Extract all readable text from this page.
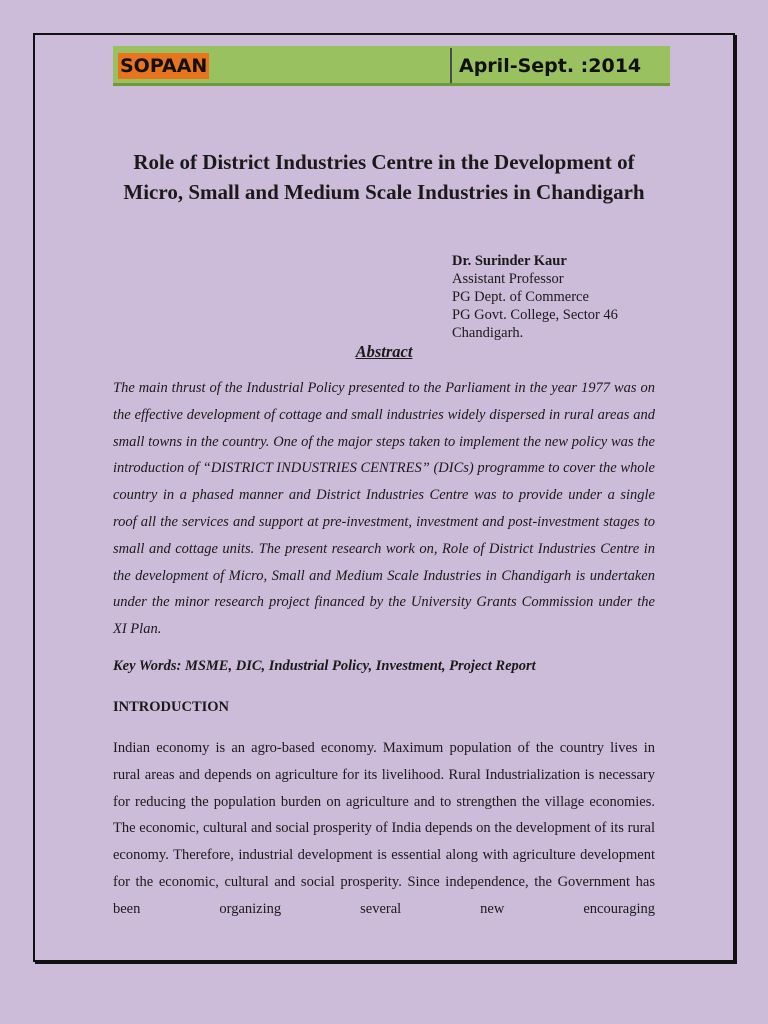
SOPAAN	April-Sept. :2014
Role of District Industries Centre in the Development of Micro, Small and Medium Scale Industries in Chandigarh
Dr. Surinder Kaur
Assistant Professor
PG Dept. of Commerce
PG Govt. College, Sector 46
Chandigarh.
Abstract

The main thrust of the Industrial Policy presented to the Parliament in the year 1977 was on the effective development of cottage and small industries widely dispersed in rural areas and small towns in the country. One of the major steps taken to implement the new policy was the introduction of “DISTRICT INDUSTRIES CENTRES” (DICs) programme to cover the whole country in a phased manner and District Industries Centre was to provide under a single roof all the services and support at pre-investment, investment and post-investment stages to small and cottage units. The present research work on, Role of District Industries Centre in the development of Micro, Small and Medium Scale Industries in Chandigarh is undertaken under the minor research project financed by the University Grants Commission under the XI Plan.

Key Words: MSME, DIC, Industrial Policy, Investment, Project Report

INTRODUCTION

Indian economy is an agro-based economy. Maximum population of the country lives in rural areas and depends on agriculture for its livelihood. Rural Industrialization is necessary for reducing the population burden on agriculture and to strengthen the village economies. The economic, cultural and social prosperity of India depends on the development of its rural economy. Therefore, industrial development is essential along with agriculture development for the economic, cultural and social prosperity. Since independence, the Government has been organizing several new encouraging
